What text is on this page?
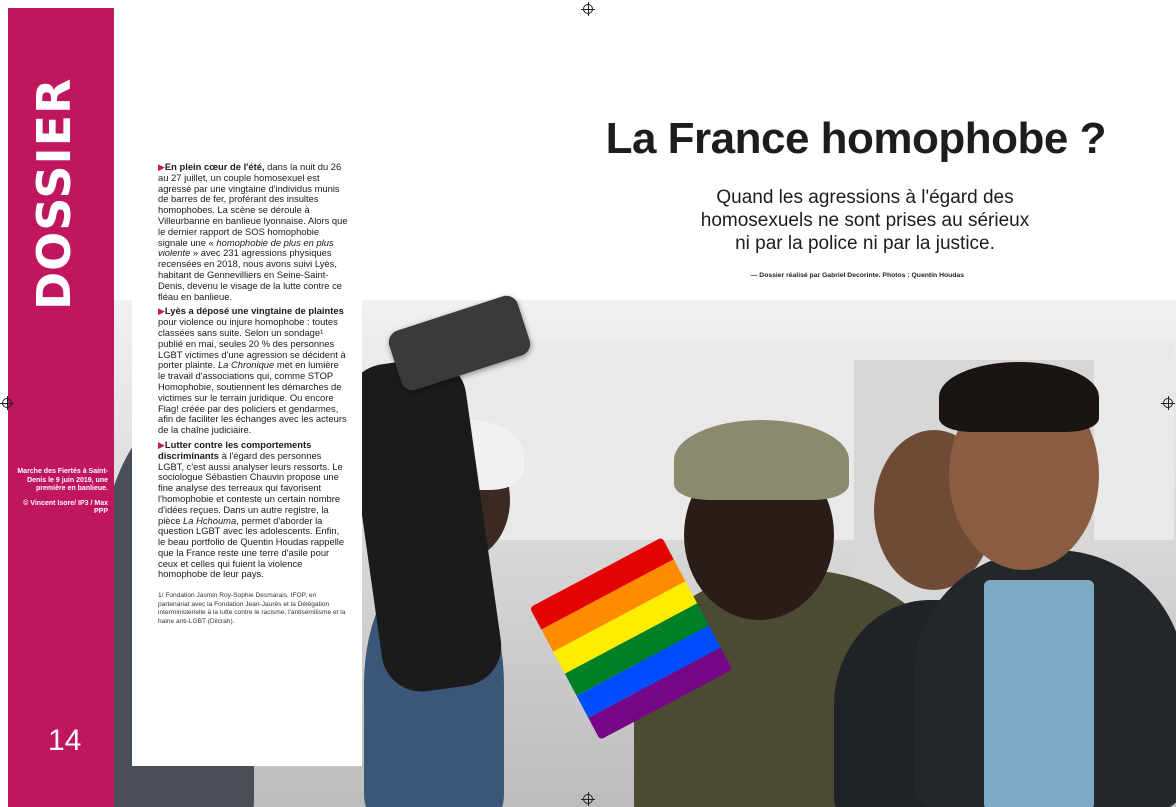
DOSSIER

Marche des Fiertés à Saint-Denis le 9 juin 2019, une première en banlieue.

© Vincent Isore/ IP3 / Max PPP

14

▶En plein cœur de l'été, dans la nuit du 26 au 27 juillet, un couple homosexuel est agressé par une vingtaine d'individus munis de barres de fer, proférant des insultes homophobes. La scène se déroule à Villeurbanne en banlieue lyonnaise. Alors que le dernier rapport de SOS homophobie signale une « homophobie de plus en plus violente » avec 231 agressions physiques recensées en 2018, nous avons suivi Lyès, habitant de Gennevilliers en Seine-Saint-Denis, devenu le visage de la lutte contre ce fléau en banlieue.

▶Lyès a déposé une vingtaine de plaintes pour violence ou injure homophobe : toutes classées sans suite. Selon un sondage¹ publié en mai, seules 20 % des personnes LGBT victimes d'une agression se décident à porter plainte. La Chronique met en lumière le travail d'associations qui, comme STOP Homophobie, soutiennent les démarches de victimes sur le terrain juridique. Ou encore Flag! créée par des policiers et gendarmes, afin de faciliter les échanges avec les acteurs de la chaîne judiciaire.

▶Lutter contre les comportements discriminants à l'égard des personnes LGBT, c'est aussi analyser leurs ressorts. Le sociologue Sébastien Chauvin propose une fine analyse des terreaux qui favorisent l'homophobie et conteste un certain nombre d'idées reçues. Dans un autre registre, la pièce La Hchouma, permet d'aborder la question LGBT avec les adolescents. Enfin, le beau portfolio de Quentin Houdas rappelle que la France reste une terre d'asile pour ceux et celles qui fuient la violence homophobe de leur pays.

1/ Fondation Jasmin Roy-Sophie Desmarais, IFOP, en partenariat avec la Fondation Jean-Jaurès et la Délégation interministérielle à la lutte contre le racisme, l'antisémitisme et la haine anti-LGBT (Dilcrah).

La France homophobe ?
Quand les agressions à l'égard des
homosexuels ne sont prises au sérieux
ni par la police ni par la justice.
— Dossier réalisé par Gabriel Decorinte. Photos : Quentin Houdas
